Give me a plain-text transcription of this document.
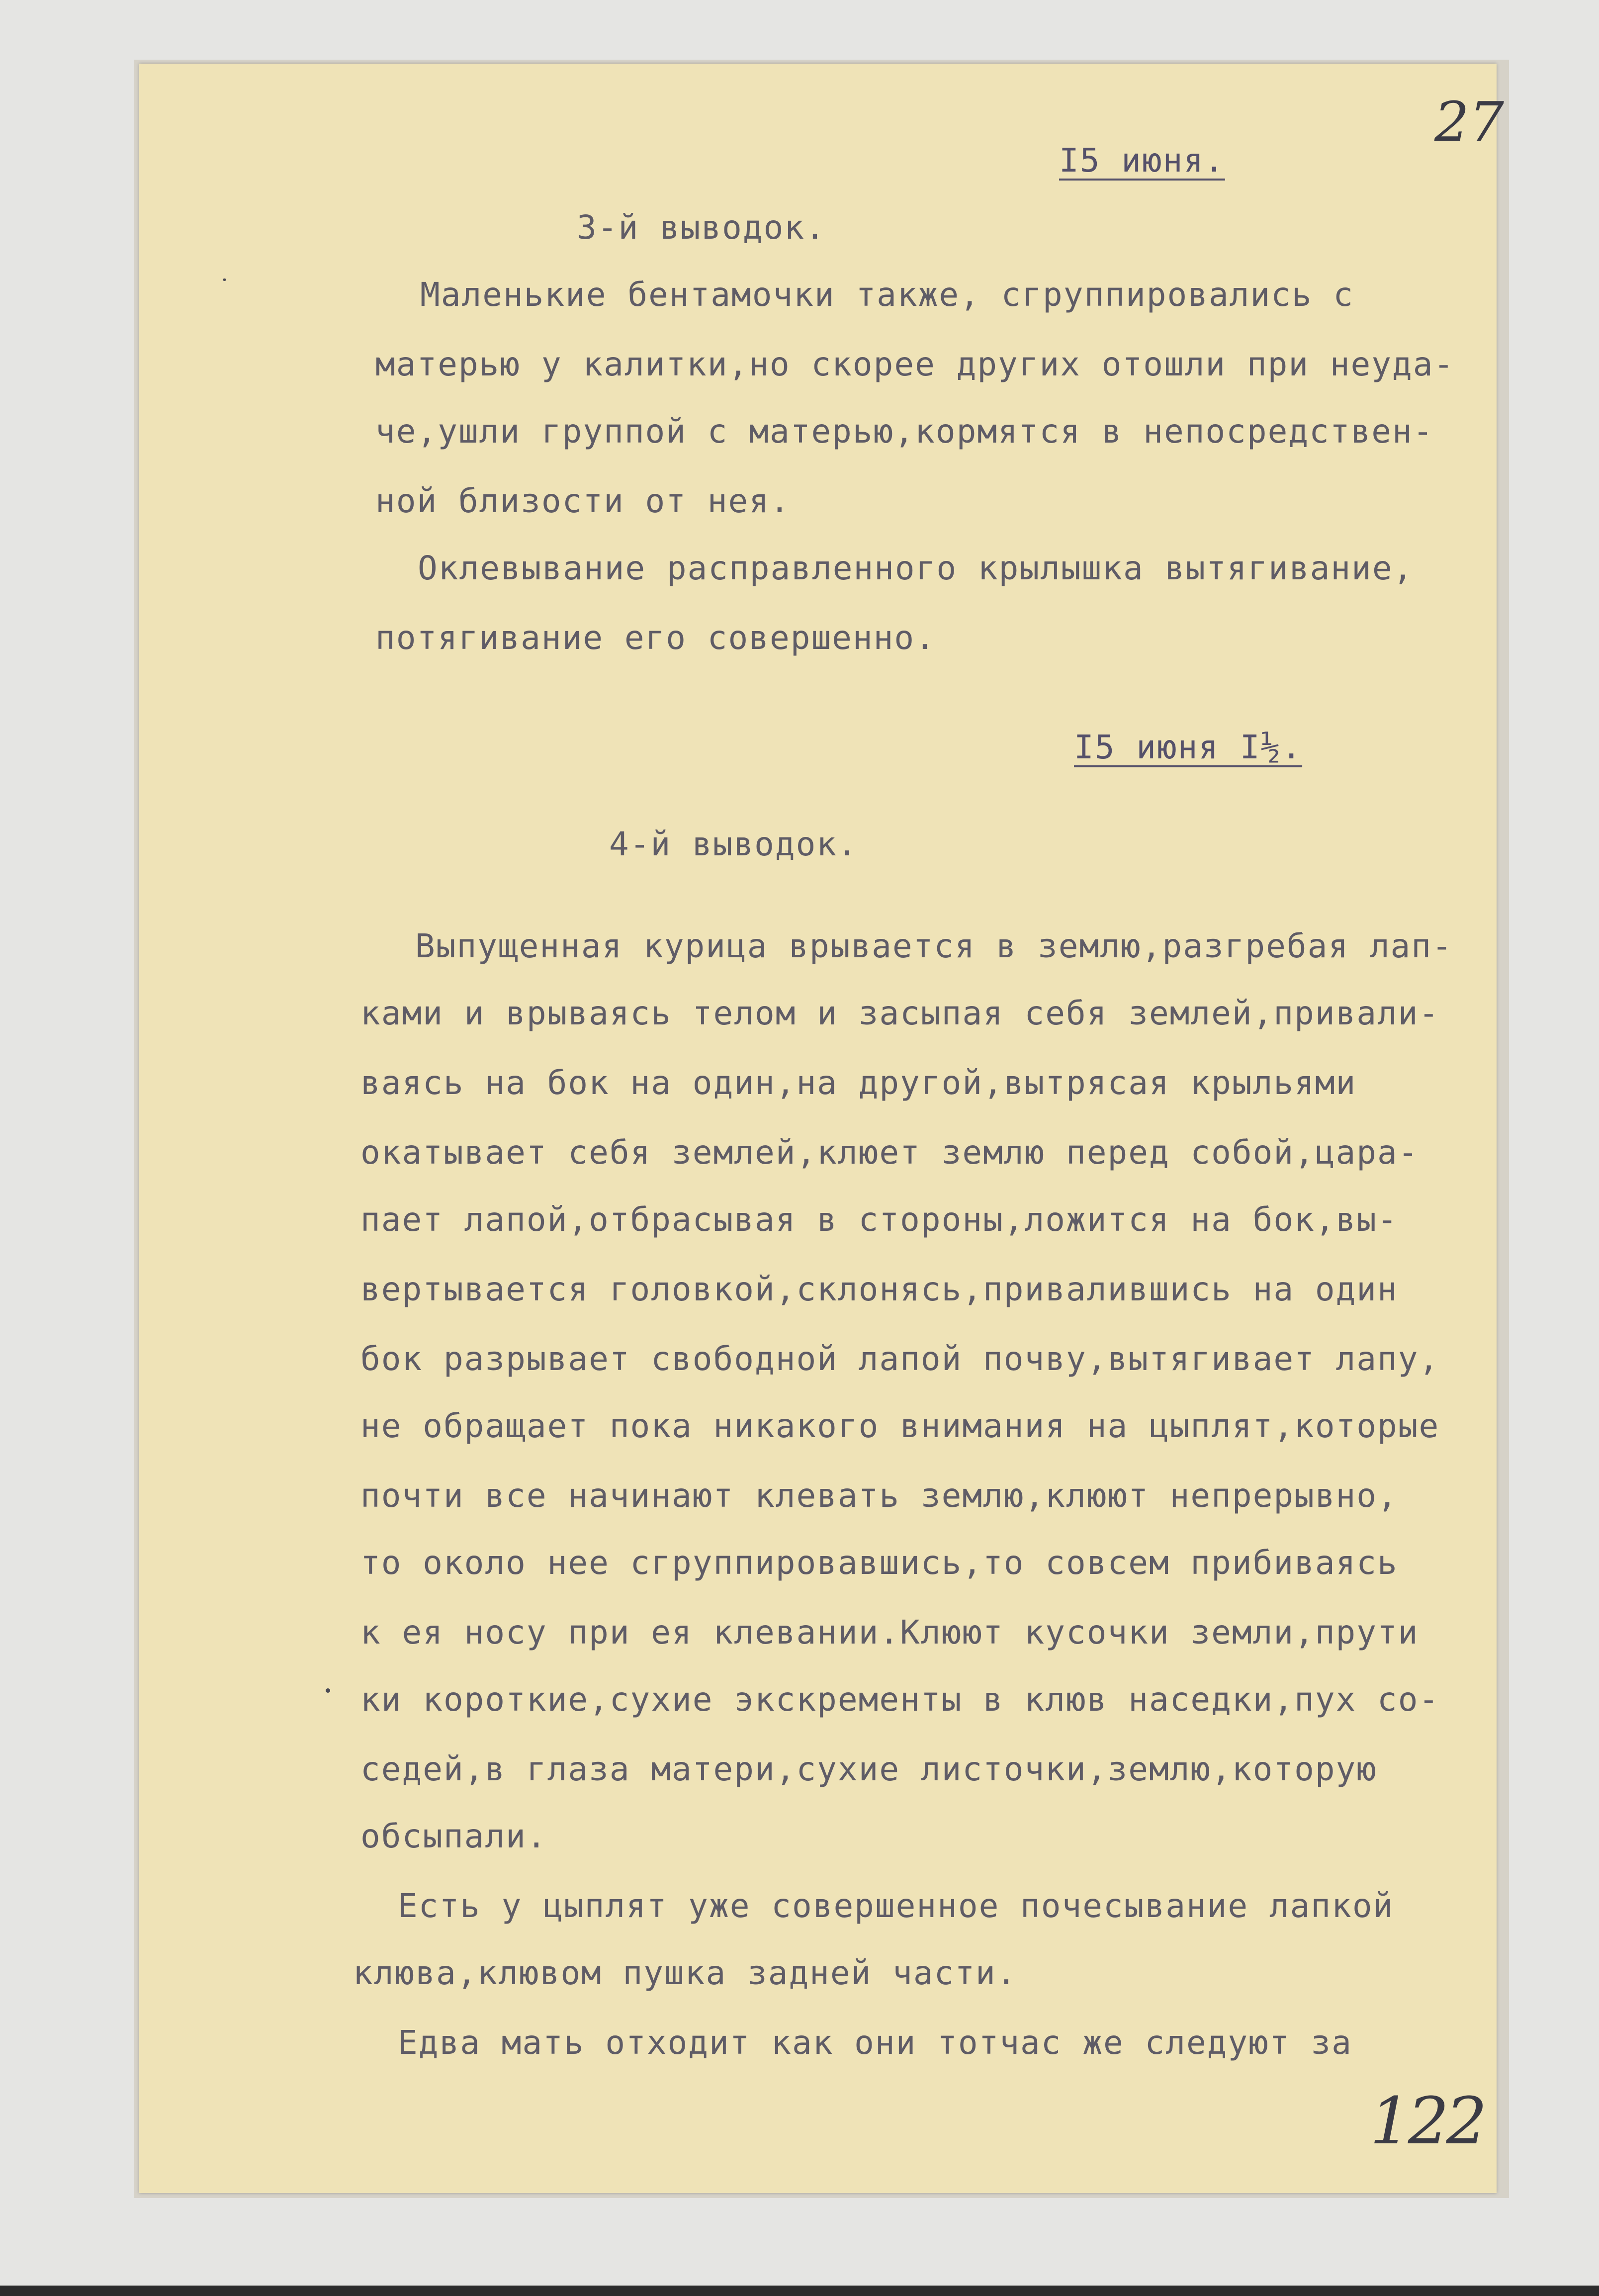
27

I5 июня.

3-й выводок.

Маленькие бентамочки также, сгруппировались с

матерью у калитки,но скорее других отошли при неуда-

че,ушли группой с матерью,кормятся в непосредствен-

ной близости от нея.

Оклевывание расправленного крылышка вытягивание,

потягивание его совершенно.

I5 июня I½.

4-й выводок.

Выпущенная курица врывается в землю,разгребая лап-

ками и врываясь телом и засыпая себя землей,привали-

ваясь на бок на один,на другой,вытрясая крыльями

окатывает себя землей,клюет землю перед собой,цара-

пает лапой,отбрасывая в стороны,ложится на бок,вы-

вертывается головкой,склонясь,привалившись на один

бок разрывает свободной лапой почву,вытягивает лапу,

не обращает пока никакого внимания на цыплят,которые

почти все начинают клевать землю,клюют непрерывно,

то около нее сгруппировавшись,то совсем прибиваясь

к ея носу при ея клевании.Клюют кусочки земли,прути

ки короткие,сухие экскременты в клюв наседки,пух со-

седей,в глаза матери,сухие листочки,землю,которую

обсыпали.

Есть у цыплят уже совершенное почесывание лапкой

клюва,клювом пушка задней части.

Едва мать отходит как они тотчас же следуют за

122
